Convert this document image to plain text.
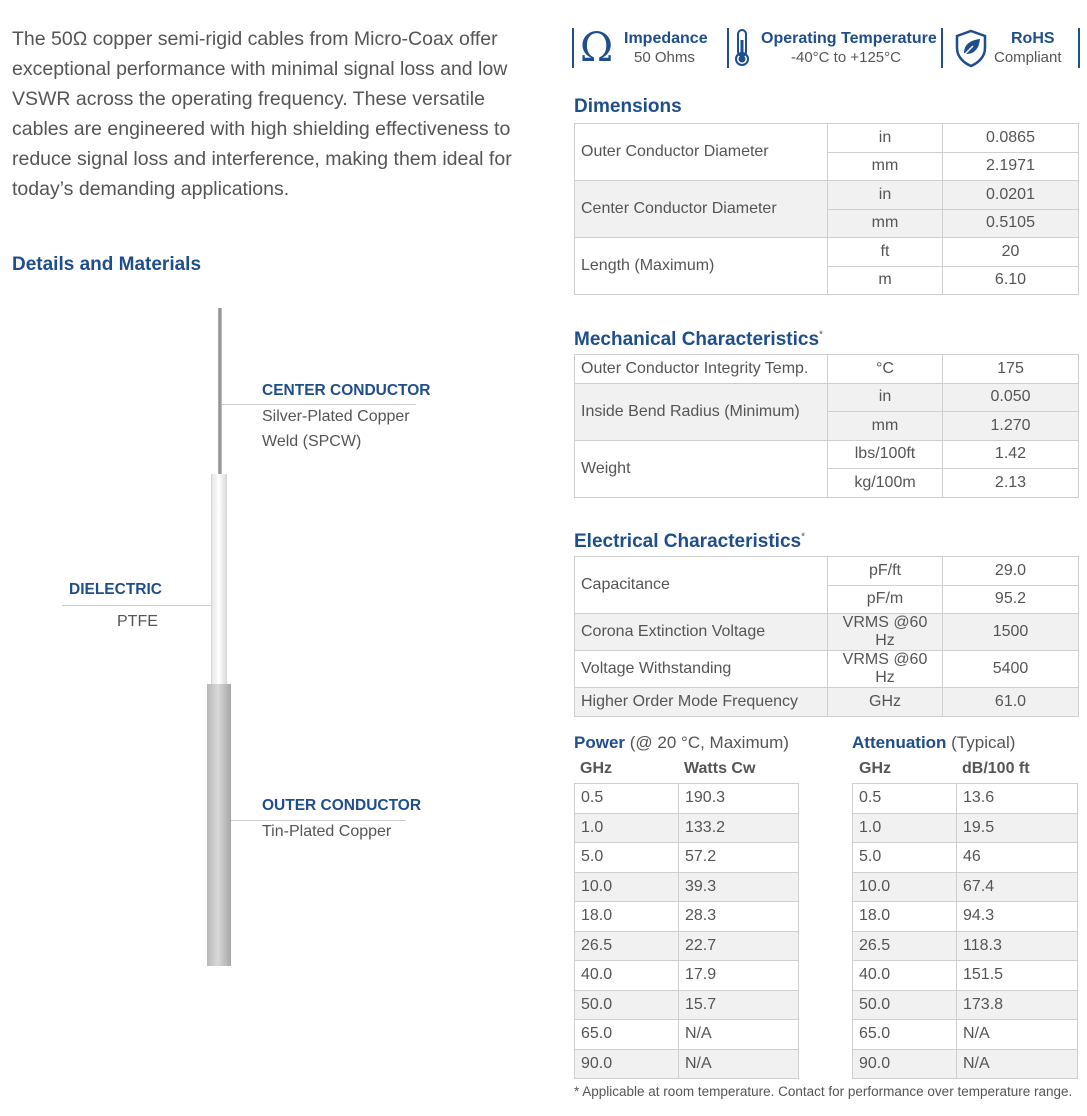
The 50Ω copper semi-rigid cables from Micro-Coax offer exceptional performance with minimal signal loss and low VSWR across the operating frequency. These versatile cables are engineered with high shielding effectiveness to reduce signal loss and interference, making them ideal for today’s demanding applications.

Details and Materials
CENTER CONDUCTOR
Silver-Plated Copper
Weld (SPCW)
DIELECTRIC
PTFE
OUTER CONDUCTOR
Tin-Plated Copper
Ω Impedance
50 Ohms
Operating Temperature
-40°C to +125°C
RoHS
Compliant
Dimensions
Outer Conductor Diameter	in	0.0865
	mm	2.1971
Center Conductor Diameter	in	0.0201
	mm	0.5105
Length (Maximum)	ft	20
	m	6.10
Mechanical Characteristics*
Outer Conductor Integrity Temp.	°C	175
Inside Bend Radius (Minimum)	in	0.050
	mm	1.270
Weight	lbs/100ft	1.42
	kg/100m	2.13
Electrical Characteristics*
Capacitance	pF/ft	29.0
	pF/m	95.2
Corona Extinction Voltage	VRMS @60 Hz	1500
Voltage Withstanding	VRMS @60 Hz	5400
Higher Order Mode Frequency	GHz	61.0
Power (@ 20 °C, Maximum)
GHz	Watts Cw
0.5	190.3
1.0	133.2
5.0	57.2
10.0	39.3
18.0	28.3
26.5	22.7
40.0	17.9
50.0	15.7
65.0	N/A
90.0	N/A
Attenuation (Typical)
GHz	dB/100 ft
0.5	13.6
1.0	19.5
5.0	46
10.0	67.4
18.0	94.3
26.5	118.3
40.0	151.5
50.0	173.8
65.0	N/A
90.0	N/A
* Applicable at room temperature. Contact for performance over temperature range.
